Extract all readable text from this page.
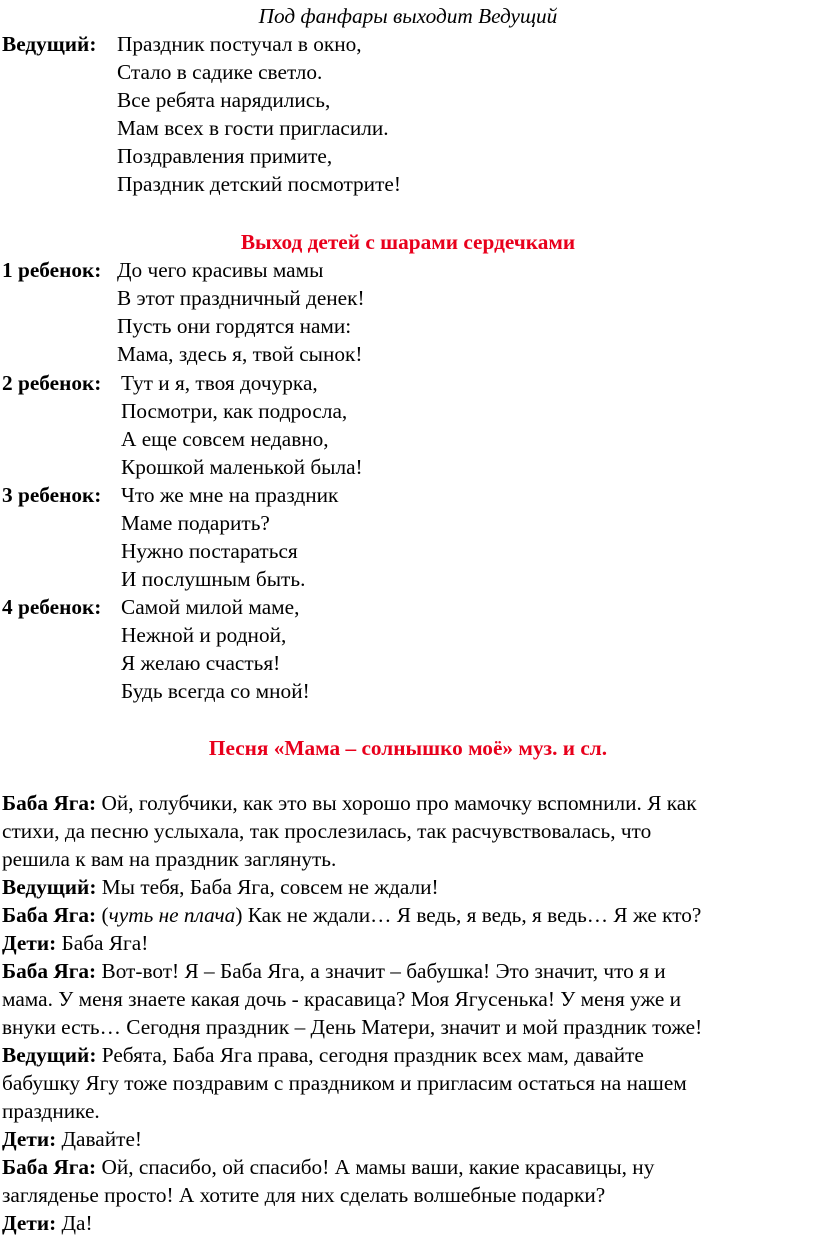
Под фанфары выходит Ведущий
Ведущий: Праздник постучал в окно,
Стало в садике светло.
Все ребята нарядились,
Мам всех в гости пригласили.
Поздравления примите,
Праздник детский посмотрите!
Выход детей с шарами сердечками
1 ребенок: До чего красивы мамы
В этот праздничный денек!
Пусть они гордятся нами:
Мама, здесь я, твой сынок!
2 ребенок: Тут и я, твоя дочурка,
Посмотри, как подросла,
А еще совсем недавно,
Крошкой маленькой была!
3 ребенок: Что же мне на праздник
Маме подарить?
Нужно постараться
И послушным быть.
4 ребенок: Самой милой маме,
Нежной и родной,
Я желаю счастья!
Будь всегда со мной!
Песня «Мама – солнышко моё» муз. и сл.
Баба Яга: Ой, голубчики, как это вы хорошо про мамочку вспомнили. Я как
стихи, да песню услыхала, так прослезилась, так расчувствовалась, что
решила к вам на праздник заглянуть.
Ведущий: Мы тебя, Баба Яга, совсем не ждали!
Баба Яга: (чуть не плача) Как не ждали… Я ведь, я ведь, я ведь… Я же кто?
Дети: Баба Яга!
Баба Яга: Вот-вот! Я – Баба Яга, а значит – бабушка! Это значит, что я и
мама. У меня знаете какая дочь - красавица? Моя Ягусенька! У меня уже и
внуки есть… Сегодня праздник – День Матери, значит и мой праздник тоже!
Ведущий: Ребята, Баба Яга права, сегодня праздник всех мам, давайте
бабушку Ягу тоже поздравим с праздником и пригласим остаться на нашем
празднике.
Дети: Давайте!
Баба Яга: Ой, спасибо, ой спасибо! А мамы ваши, какие красавицы, ну
загляденье просто! А хотите для них сделать волшебные подарки?
Дети: Да!
